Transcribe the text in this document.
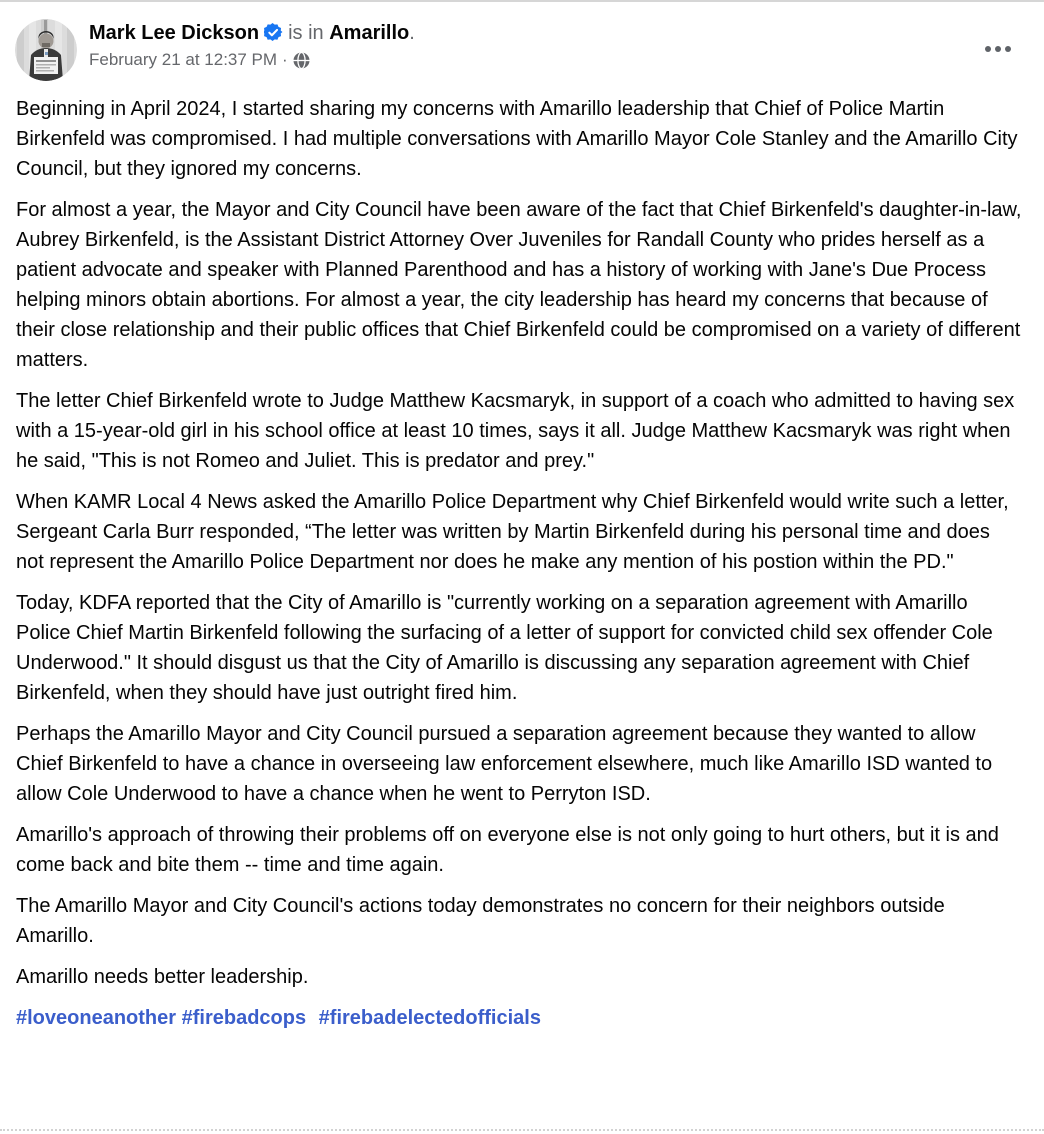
Mark Lee Dickson is in Amarillo.
February 21 at 12:37 PM ·

Beginning in April 2024, I started sharing my concerns with Amarillo leadership that Chief of Police Martin Birkenfeld was compromised. I had multiple conversations with Amarillo Mayor Cole Stanley and the Amarillo City Council, but they ignored my concerns.

For almost a year, the Mayor and City Council have been aware of the fact that Chief Birkenfeld's daughter-in-law, Aubrey Birkenfeld, is the Assistant District Attorney Over Juveniles for Randall County who prides herself as a patient advocate and speaker with Planned Parenthood and has a history of working with Jane's Due Process helping minors obtain abortions. For almost a year, the city leadership has heard my concerns that because of their close relationship and their public offices that Chief Birkenfeld could be compromised on a variety of different matters.

The letter Chief Birkenfeld wrote to Judge Matthew Kacsmaryk, in support of a coach who admitted to having sex with a 15-year-old girl in his school office at least 10 times, says it all. Judge Matthew Kacsmaryk was right when he said, "This is not Romeo and Juliet. This is predator and prey."

When KAMR Local 4 News asked the Amarillo Police Department why Chief Birkenfeld would write such a letter, Sergeant Carla Burr responded, “The letter was written by Martin Birkenfeld during his personal time and does not represent the Amarillo Police Department nor does he make any mention of his postion within the PD."

Today, KDFA reported that the City of Amarillo is "currently working on a separation agreement with Amarillo Police Chief Martin Birkenfeld following the surfacing of a letter of support for convicted child sex offender Cole Underwood." It should disgust us that the City of Amarillo is discussing any separation agreement with Chief Birkenfeld, when they should have just outright fired him.

Perhaps the Amarillo Mayor and City Council pursued a separation agreement because they wanted to allow Chief Birkenfeld to have a chance in overseeing law enforcement elsewhere, much like Amarillo ISD wanted to allow Cole Underwood to have a chance when he went to Perryton ISD.

Amarillo's approach of throwing their problems off on everyone else is not only going to hurt others, but it is and come back and bite them -- time and time again.

The Amarillo Mayor and City Council's actions today demonstrates no concern for their neighbors outside Amarillo.

Amarillo needs better leadership.

#loveoneanother #firebadcops #firebadelectedofficials
